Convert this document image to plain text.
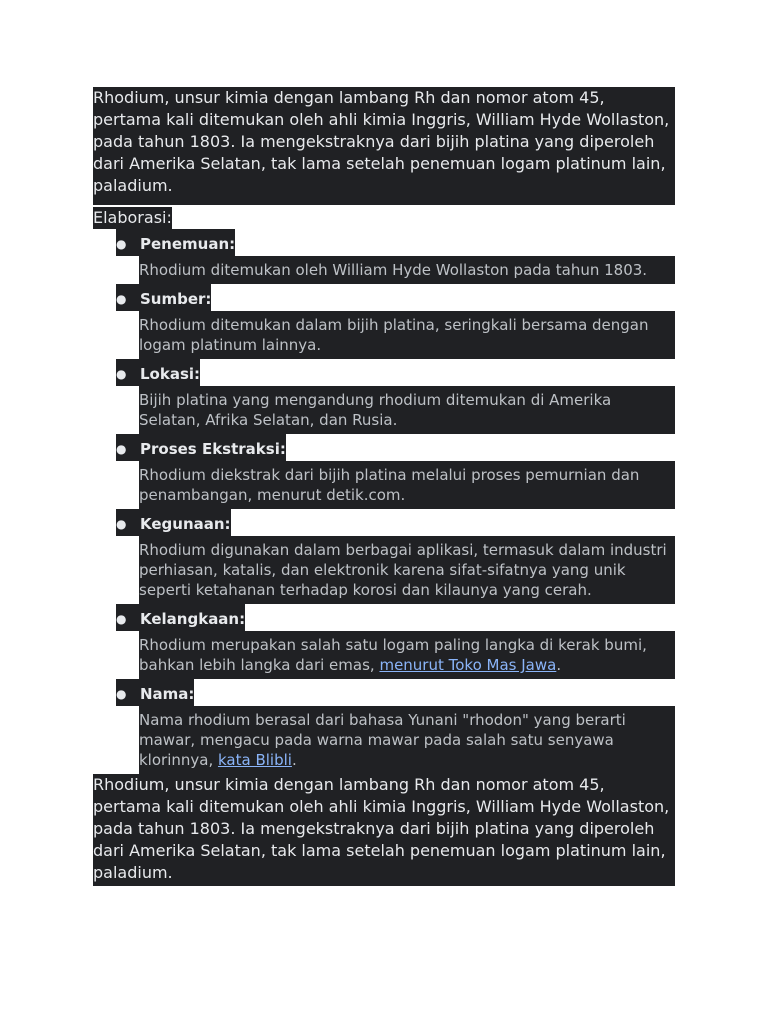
Rhodium, unsur kimia dengan lambang Rh dan nomor atom 45, pertama kali ditemukan oleh ahli kimia Inggris, William Hyde Wollaston, pada tahun 1803. Ia mengekstraknya dari bijih platina yang diperoleh dari Amerika Selatan, tak lama setelah penemuan logam platinum lain, paladium.
Elaborasi:
● Penemuan:
Rhodium ditemukan oleh William Hyde Wollaston pada tahun 1803.
● Sumber:
Rhodium ditemukan dalam bijih platina, seringkali bersama dengan logam platinum lainnya.
● Lokasi:
Bijih platina yang mengandung rhodium ditemukan di Amerika Selatan, Afrika Selatan, dan Rusia.
● Proses Ekstraksi:
Rhodium diekstrak dari bijih platina melalui proses pemurnian dan penambangan, menurut detik.com.
● Kegunaan:
Rhodium digunakan dalam berbagai aplikasi, termasuk dalam industri perhiasan, katalis, dan elektronik karena sifat-sifatnya yang unik seperti ketahanan terhadap korosi dan kilaunya yang cerah.
● Kelangkaan:
Rhodium merupakan salah satu logam paling langka di kerak bumi, bahkan lebih langka dari emas, menurut Toko Mas Jawa.
● Nama:
Nama rhodium berasal dari bahasa Yunani "rhodon" yang berarti mawar, mengacu pada warna mawar pada salah satu senyawa klorinnya, kata Blibli.
Rhodium, unsur kimia dengan lambang Rh dan nomor atom 45, pertama kali ditemukan oleh ahli kimia Inggris, William Hyde Wollaston, pada tahun 1803. Ia mengekstraknya dari bijih platina yang diperoleh dari Amerika Selatan, tak lama setelah penemuan logam platinum lain, paladium.
